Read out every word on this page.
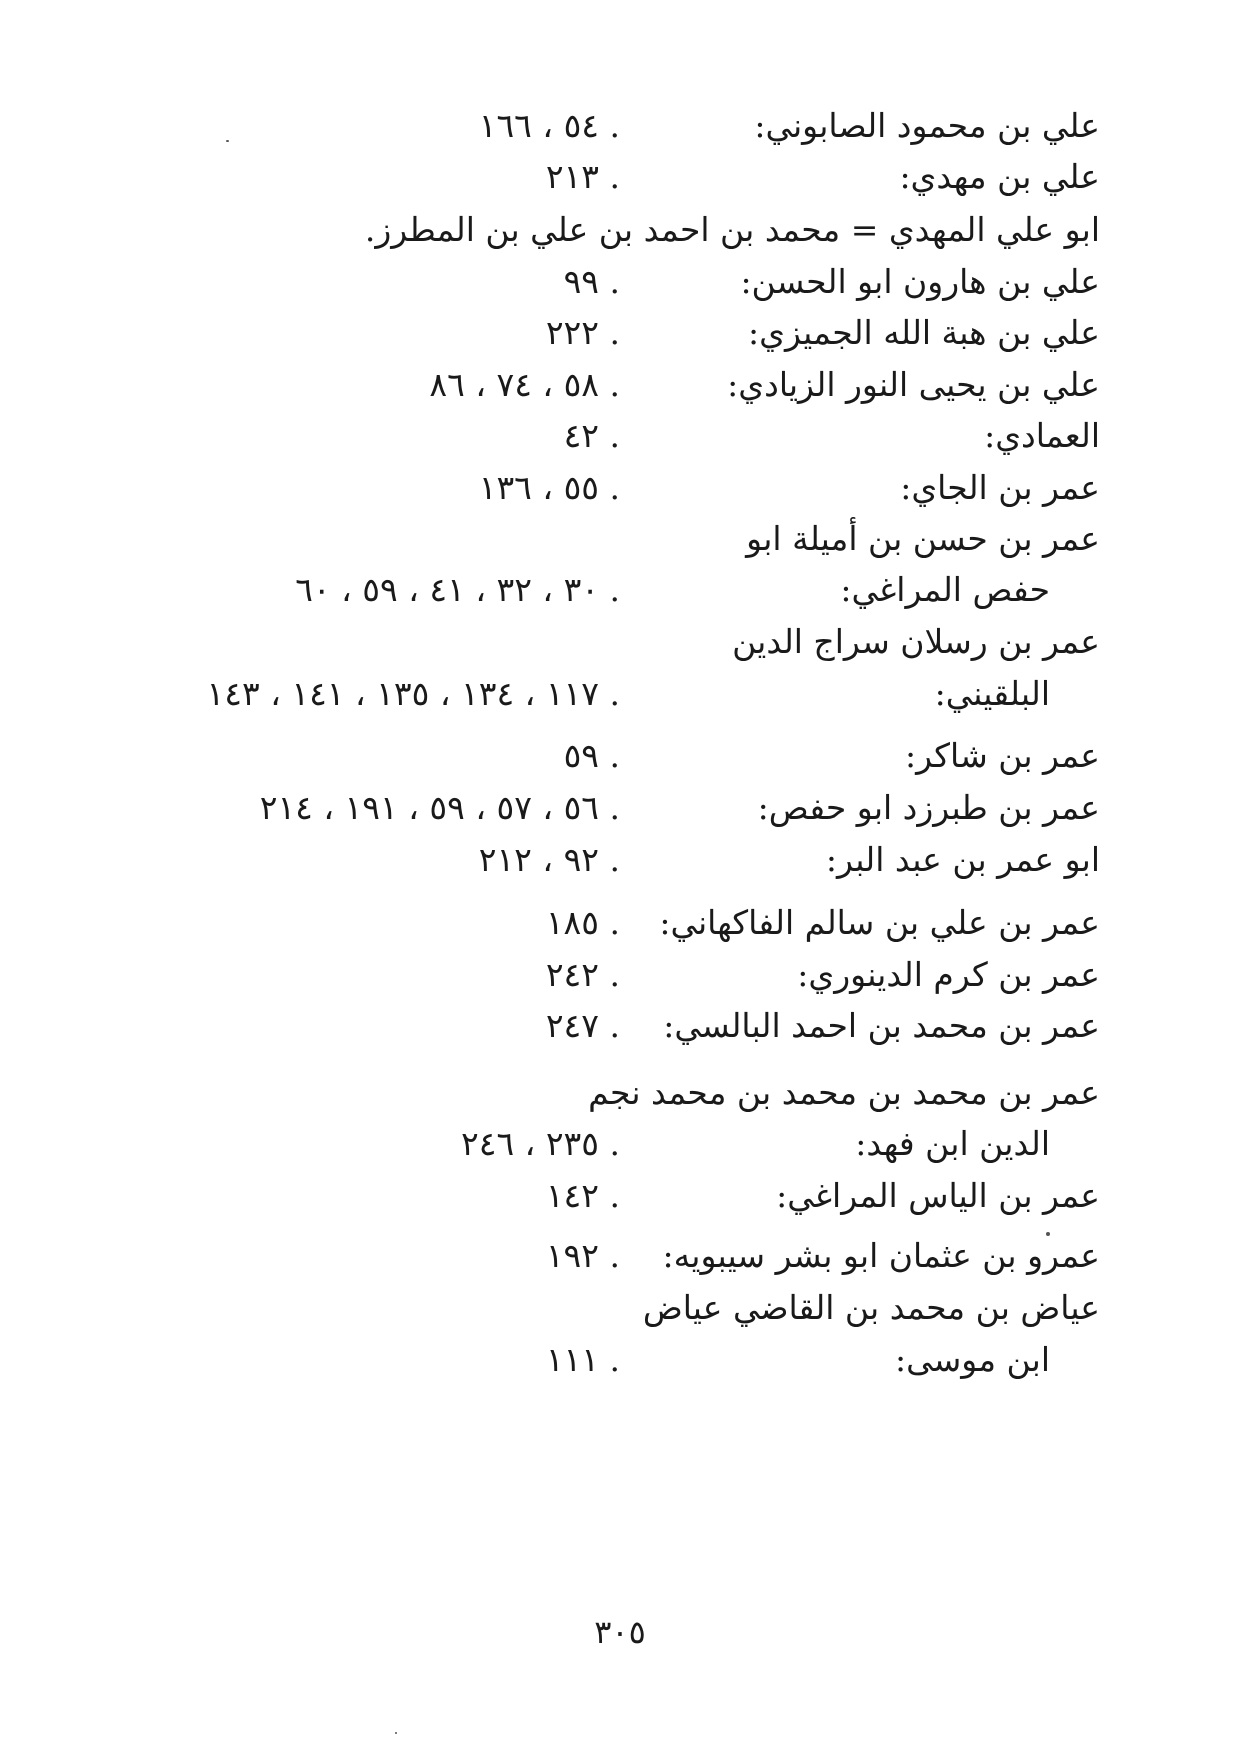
علي بن محمود الصابوني:
٥٤ ، ١٦٦ .
علي بن مهدي:
٢١٣ .
ابو علي المهدي = محمد بن احمد بن علي بن المطرز.
علي بن هارون ابو الحسن:
٩٩ .
علي بن هبة الله الجميزي:
٢٢٢ .
علي بن يحيى النور الزيادي:
٥٨ ، ٧٤ ، ٨٦ .
العمادي:
٤٢ .
عمر بن الجاي:
٥٥ ، ١٣٦ .
عمر بن حسن بن أميلة ابو
حفص المراغي:
٣٠ ، ٣٢ ، ٤١ ، ٥٩ ، ٦٠ .
عمر بن رسلان سراج الدين
البلقيني:
١١٧ ، ١٣٤ ، ١٣٥ ، ١٤١ ، ١٤٣ .
عمر بن شاكر:
٥٩ .
عمر بن طبرزد ابو حفص:
٥٦ ، ٥٧ ، ٥٩ ، ١٩١ ، ٢١٤ .
ابو عمر بن عبد البر:
٩٢ ، ٢١٢ .
عمر بن علي بن سالم الفاكهاني:
١٨٥ .
عمر بن كرم الدينوري:
٢٤٢ .
عمر بن محمد بن احمد البالسي:
٢٤٧ .
عمر بن محمد بن محمد بن محمد نجم
الدين ابن فهد:
٢٣٥ ، ٢٤٦ .
عمر بن الياس المراغي:
١٤٢ .
عمرو بن عثمان ابو بشر سيبويه:
١٩٢ .
عياض بن محمد بن القاضي عياض
ابن موسى:
١١١ .
٣٠٥
